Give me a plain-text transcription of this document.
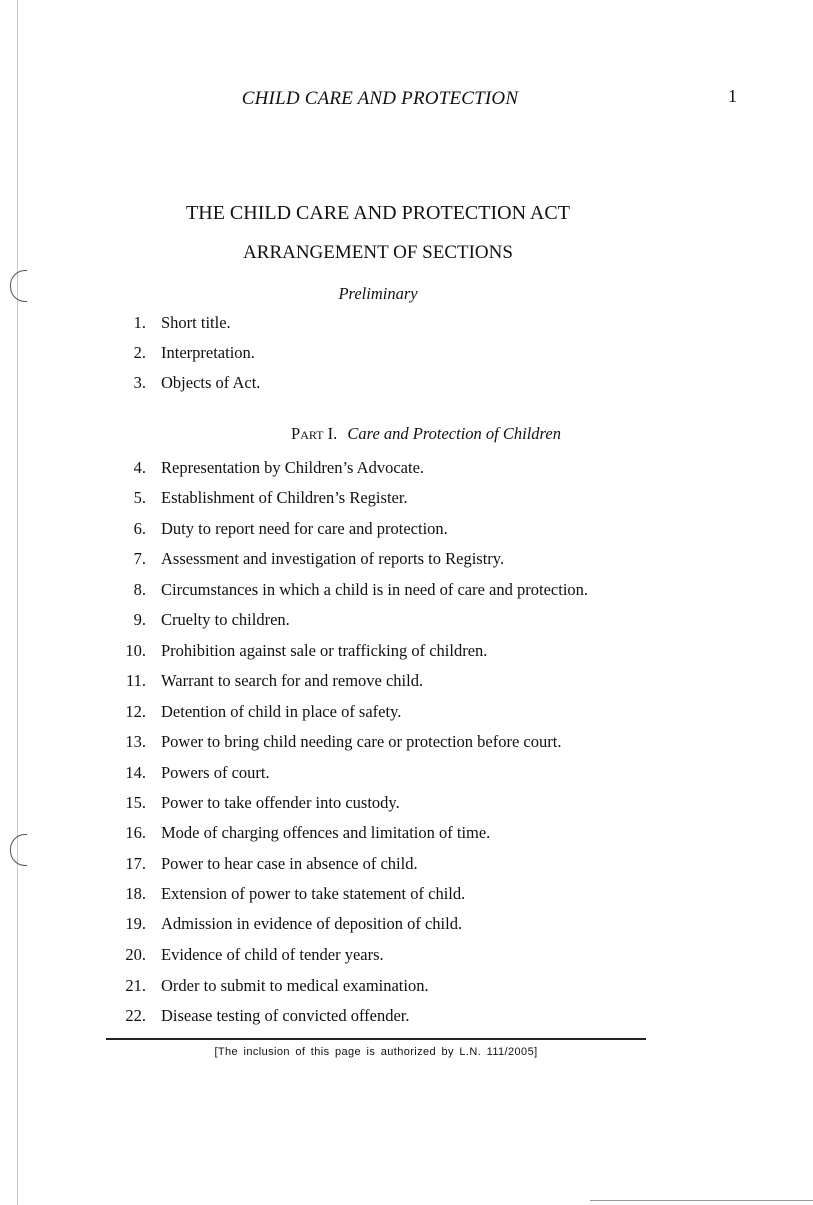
CHILD CARE AND PROTECTION	1
THE CHILD CARE AND PROTECTION ACT
ARRANGEMENT OF SECTIONS
Preliminary
1. Short title.
2. Interpretation.
3. Objects of Act.
Part I. Care and Protection of Children
4. Representation by Children’s Advocate.
5. Establishment of Children’s Register.
6. Duty to report need for care and protection.
7. Assessment and investigation of reports to Registry.
8. Circumstances in which a child is in need of care and protection.
9. Cruelty to children.
10. Prohibition against sale or trafficking of children.
11. Warrant to search for and remove child.
12. Detention of child in place of safety.
13. Power to bring child needing care or protection before court.
14. Powers of court.
15. Power to take offender into custody.
16. Mode of charging offences and limitation of time.
17. Power to hear case in absence of child.
18. Extension of power to take statement of child.
19. Admission in evidence of deposition of child.
20. Evidence of child of tender years.
21. Order to submit to medical examination.
22. Disease testing of convicted offender.
[The inclusion of this page is authorized by L.N. 111/2005]
